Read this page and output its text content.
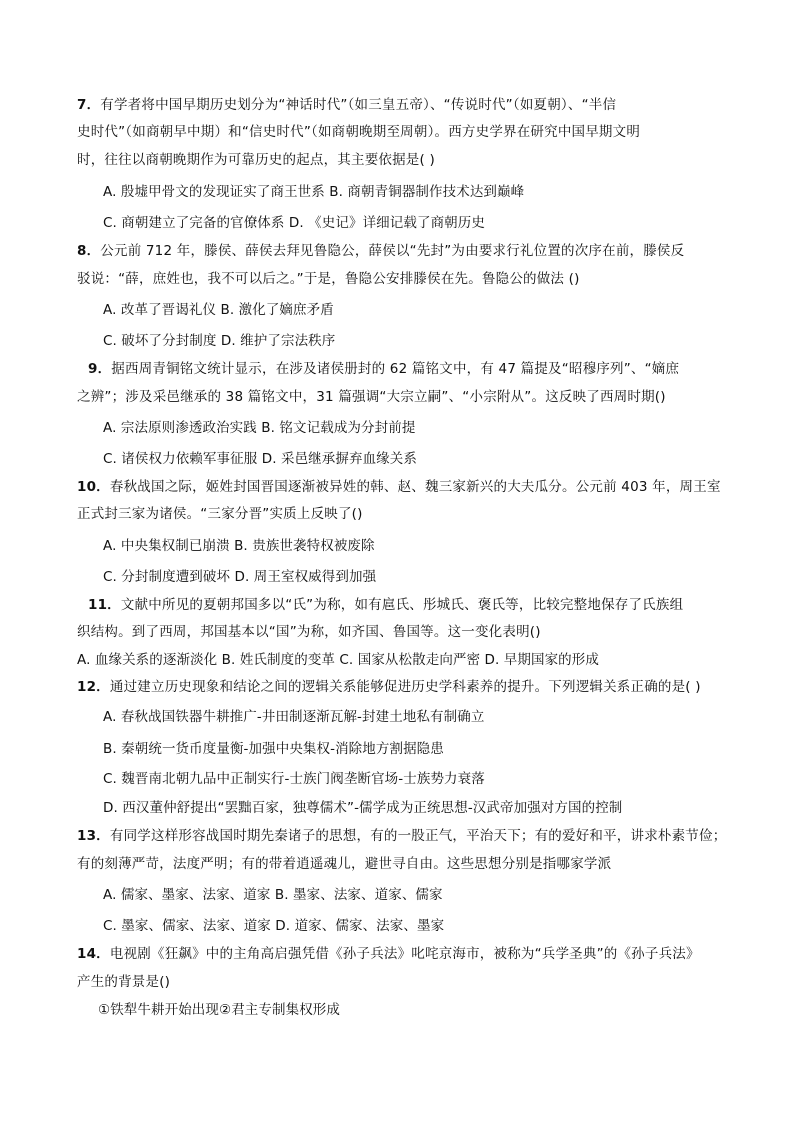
7．有学者将中国早期历史划分为“神话时代”（如三皇五帝）、“传说时代”（如夏朝）、“半信
史时代”（如商朝早中期）和“信史时代”（如商朝晚期至周朝）。西方史学界在研究中国早期文明
时，往往以商朝晚期作为可靠历史的起点，其主要依据是( )
A. 殷墟甲骨文的发现证实了商王世系 B. 商朝青铜器制作技术达到巅峰
C. 商朝建立了完备的官僚体系 D. 《史记》详细记载了商朝历史
8．公元前 712 年，滕侯、薛侯去拜见鲁隐公，薛侯以“先封”为由要求行礼位置的次序在前，滕侯反
驳说：“薛，庶姓也，我不可以后之。”于是，鲁隐公安排滕侯在先。鲁隐公的做法 ()
A. 改革了晋谒礼仪 B. 激化了嫡庶矛盾
C. 破坏了分封制度 D. 维护了宗法秩序
9．据西周青铜铭文统计显示，在涉及诸侯册封的 62 篇铭文中，有 47 篇提及“昭穆序列”、“嫡庶
之辨”；涉及采邑继承的 38 篇铭文中，31 篇强调“大宗立嗣”、“小宗附从”。这反映了西周时期()
A. 宗法原则渗透政治实践 B. 铭文记载成为分封前提
C. 诸侯权力依赖军事征服 D. 采邑继承摒弃血缘关系
10．春秋战国之际，姬姓封国晋国逐渐被异姓的韩、赵、魏三家新兴的大夫瓜分。公元前 403 年，周王室
正式封三家为诸侯。“三家分晋”实质上反映了()
A. 中央集权制已崩溃 B. 贵族世袭特权被废除
C. 分封制度遭到破坏 D. 周王室权威得到加强
11．文献中所见的夏朝邦国多以“氏”为称，如有扈氏、彤城氏、褒氏等，比较完整地保存了氏族组
织结构。到了西周，邦国基本以“国”为称，如齐国、鲁国等。这一变化表明()
A. 血缘关系的逐渐淡化 B. 姓氏制度的变革 C. 国家从松散走向严密 D. 早期国家的形成
12．通过建立历史现象和结论之间的逻辑关系能够促进历史学科素养的提升。下列逻辑关系正确的是( )
A. 春秋战国铁器牛耕推广-井田制逐渐瓦解-封建土地私有制确立
B. 秦朝统一货币度量衡-加强中央集权-消除地方割据隐患
C. 魏晋南北朝九品中正制实行-士族门阀垄断官场-士族势力衰落
D. 西汉董仲舒提出“罢黜百家，独尊儒术”-儒学成为正统思想-汉武帝加强对方国的控制
13．有同学这样形容战国时期先秦诸子的思想，有的一股正气，平治天下；有的爱好和平，讲求朴素节俭；
有的刻薄严苛，法度严明；有的带着逍遥魂儿，避世寻自由。这些思想分别是指哪家学派
A. 儒家、墨家、法家、道家 B. 墨家、法家、道家、儒家
C. 墨家、儒家、法家、道家 D. 道家、儒家、法家、墨家
14．电视剧《狂飙》中的主角高启强凭借《孙子兵法》叱咤京海市，被称为“兵学圣典”的《孙子兵法》
产生的背景是()
①铁犁牛耕开始出现②君主专制集权形成
